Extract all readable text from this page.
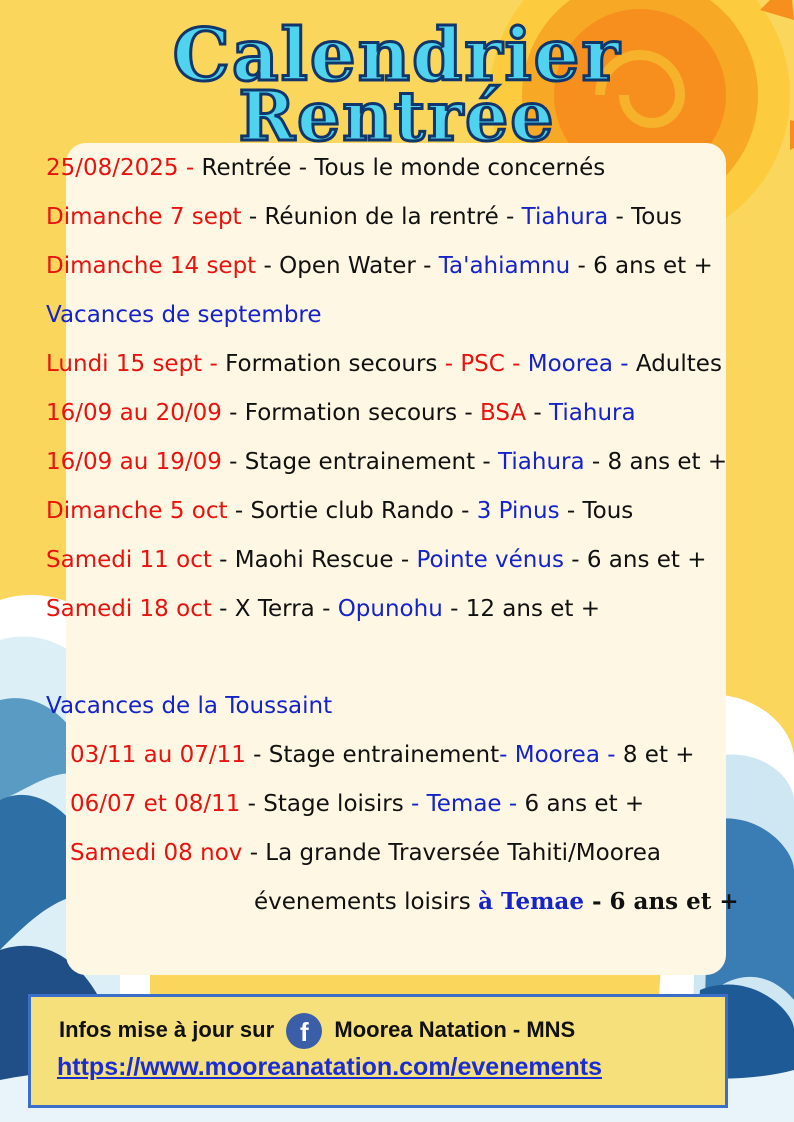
Calendrier
Rentrée
25/08/2025 - Rentrée - Tous le monde concernés
Dimanche 7 sept - Réunion de la rentré - Tiahura - Tous
Dimanche 14 sept - Open Water - Ta'ahiamnu - 6 ans et +
Vacances de septembre
Lundi 15 sept - Formation secours - PSC - Moorea - Adultes
16/09 au 20/09 - Formation secours - BSA - Tiahura
16/09 au 19/09 - Stage entrainement - Tiahura - 8 ans et +
Dimanche 5 oct - Sortie club Rando - 3 Pinus - Tous
Samedi 11 oct - Maohi Rescue - Pointe vénus - 6 ans et +
Samedi 18 oct - X Terra - Opunohu - 12 ans et +
Vacances de la Toussaint
03/11 au 07/11 - Stage entrainement- Moorea - 8 et +
06/07 et 08/11 - Stage loisirs - Temae - 6 ans et +
Samedi 08 nov - La grande Traversée Tahiti/Moorea
évenements loisirs à Temae - 6 ans et +
Infos mise à jour sur f Moorea Natation - MNS
https://www.mooreanatation.com/evenements
